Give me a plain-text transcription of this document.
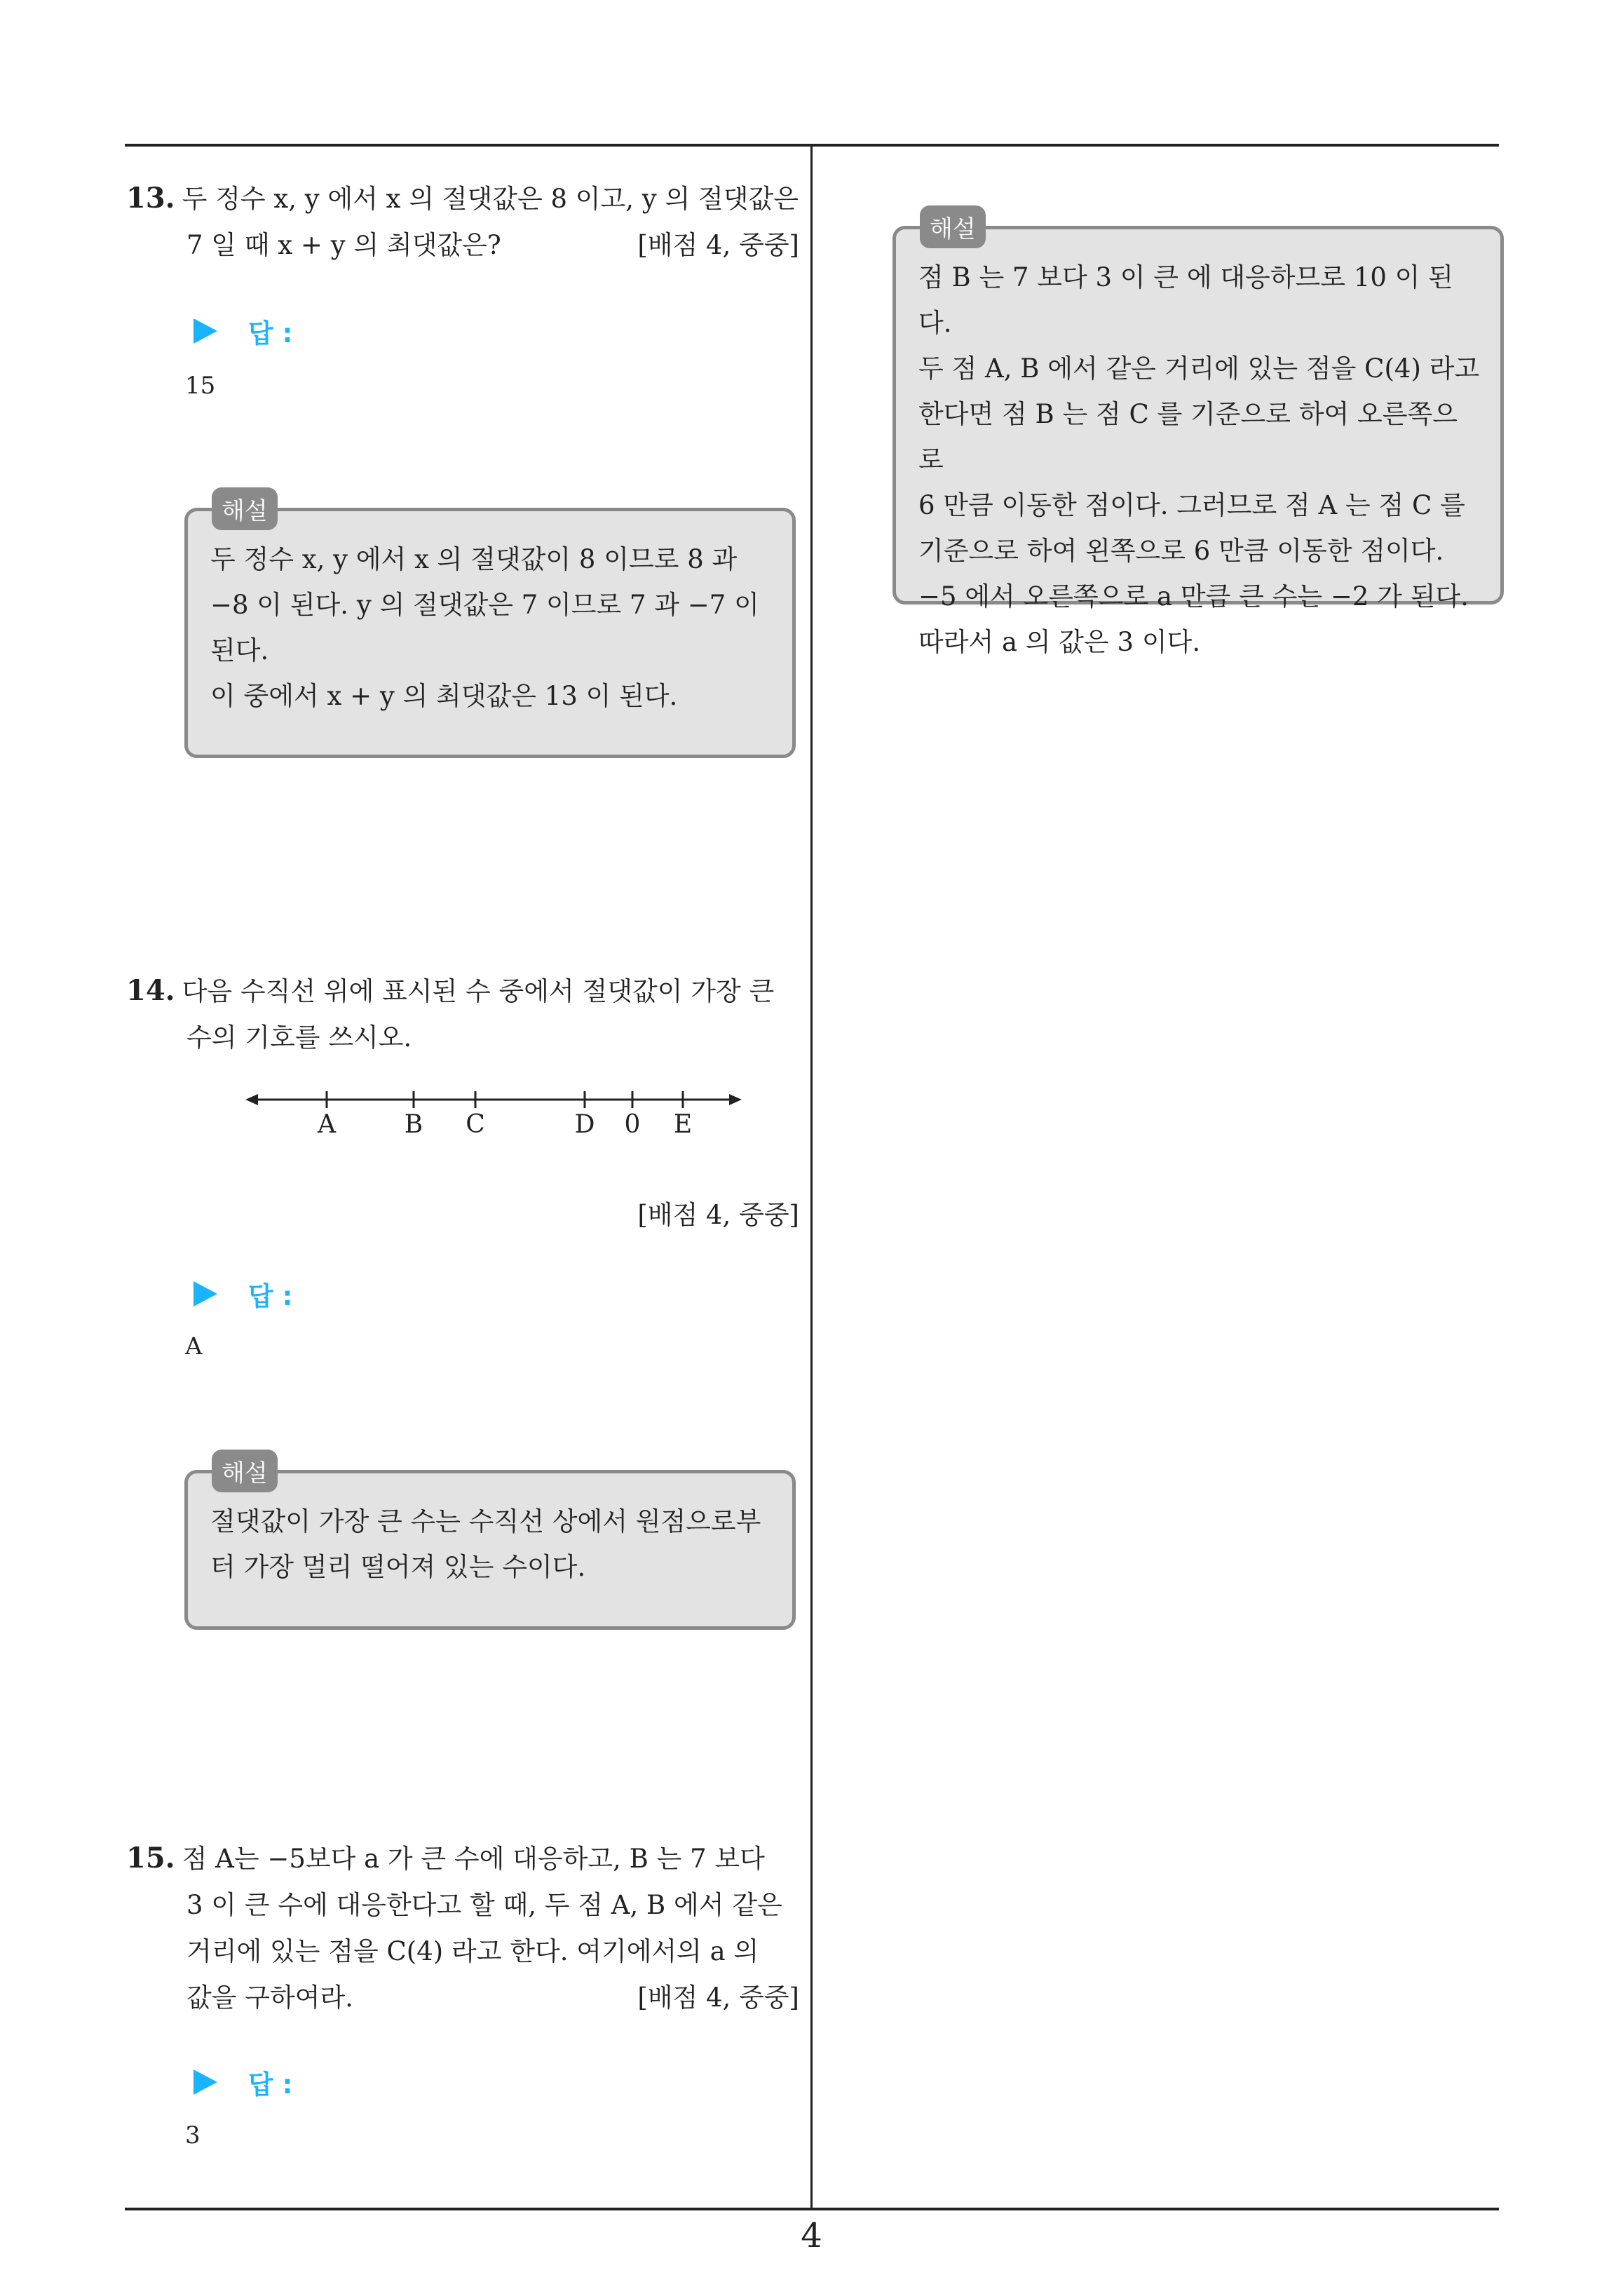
13. 두 정수 x, y 에서 x 의 절댓값은 8 이고, y 의 절댓값은
7 일 때 x + y 의 최댓값은?	[배점 4, 중중]
답 :
15
해설

두 정수 x, y 에서 x 의 절댓값이 8 이므로 8 과

−8 이 된다. y 의 절댓값은 7 이므로 7 과 −7 이

된다.

이 중에서 x + y 의 최댓값은 13 이 된다.

14. 다음 수직선 위에 표시된 수 중에서 절댓값이 가장 큰
수의 기호를 쓰시오.
A	B C	D 0 E
[배점 4, 중중]
답 :
A
해설

절댓값이 가장 큰 수는 수직선 상에서 원점으로부

터 가장 멀리 떨어져 있는 수이다.

15. 점 A는 −5보다 a 가 큰 수에 대응하고, B 는 7 보다
3 이 큰 수에 대응한다고 할 때, 두 점 A, B 에서 같은
거리에 있는 점을 C(4) 라고 한다. 여기에서의 a 의
값을 구하여라.	[배점 4, 중중]
답 :
3
해설

점 B 는 7 보다 3 이 큰 에 대응하므로 10 이 된다.

두 점 A, B 에서 같은 거리에 있는 점을 C(4) 라고

한다면 점 B 는 점 C 를 기준으로 하여 오른쪽으로

6 만큼 이동한 점이다. 그러므로 점 A 는 점 C 를

기준으로 하여 왼쪽으로 6 만큼 이동한 점이다.

−5 에서 오른쪽으로 a 만큼 큰 수는 −2 가 된다.

따라서 a 의 값은 3 이다.

4
